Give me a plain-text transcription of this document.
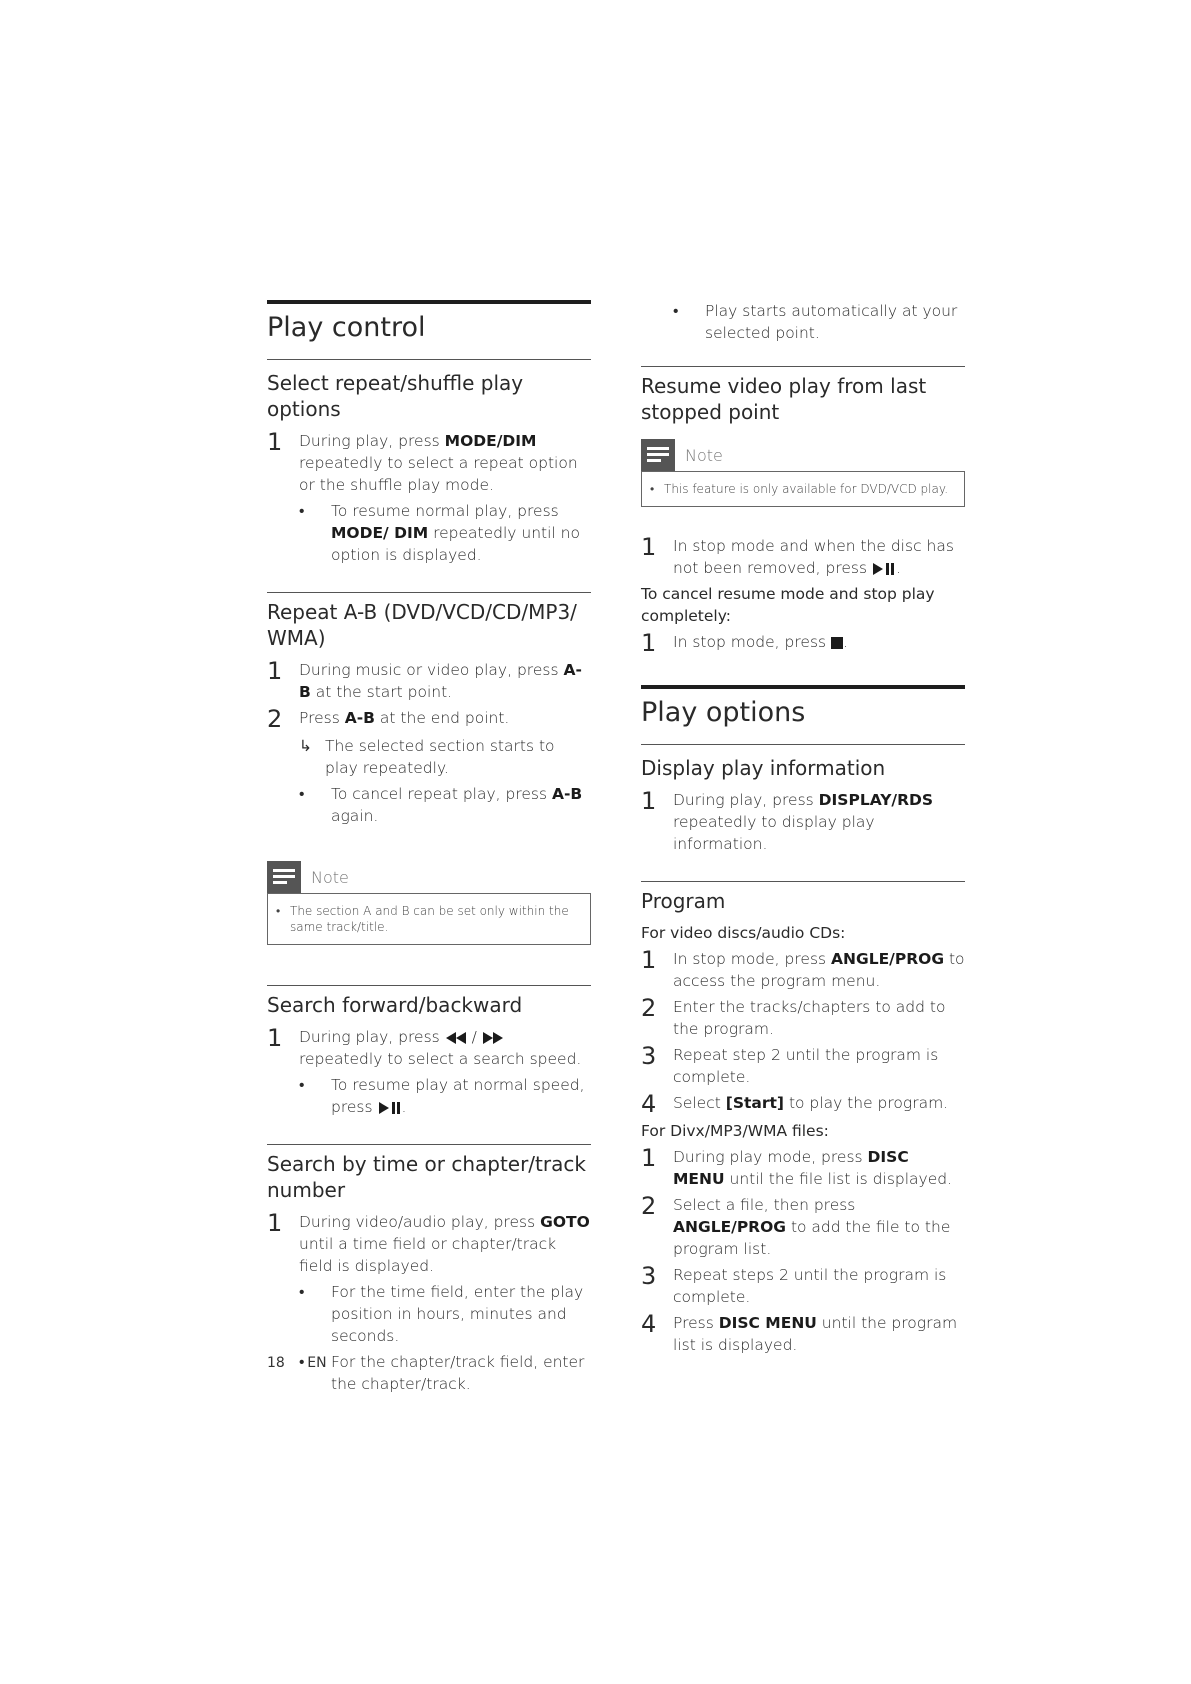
Play control
Select repeat/shuffle play options
1	During play, press MODE/DIM repeatedly to select a repeat option or the shuffle play mode.
• To resume normal play, press MODE/ DIM repeatedly until no option is displayed.
Repeat A-B (DVD/VCD/CD/MP3/ WMA)
1	During music or video play, press A-B at the start point.
2	Press A-B at the end point.
↳ The selected section starts to play repeatedly.
• To cancel repeat play, press A-B again.
Note
• The section A and B can be set only within the same track/title.
Search forward/backward
1	During play, press  /  repeatedly to select a search speed.
• To resume play at normal speed, press .
Search by time or chapter/track number
1	During video/audio play, press GOTO until a time field or chapter/track field is displayed.
• For the time field, enter the play position in hours, minutes and seconds.
• For the chapter/track field, enter the chapter/track.
• Play starts automatically at your selected point.
Resume video play from last stopped point
Note
• This feature is only available for DVD/VCD play.
1	In stop mode and when the disc has not been removed, press .
To cancel resume mode and stop play completely:
1	In stop mode, press .
Play options
Display play information
1	During play, press DISPLAY/RDS repeatedly to display play information.
Program
For video discs/audio CDs:
1	In stop mode, press ANGLE/PROG to access the program menu.
2	Enter the tracks/chapters to add to the program.
3	Repeat step 2 until the program is complete.
4	Select [Start] to play the program.
For Divx/MP3/WMA files:
1	During play mode, press DISC MENU until the file list is displayed.
2	Select a file, then press ANGLE/PROG to add the file to the program list.
3	Repeat steps 2 until the program is complete.
4	Press DISC MENU until the program list is displayed.
18 EN
